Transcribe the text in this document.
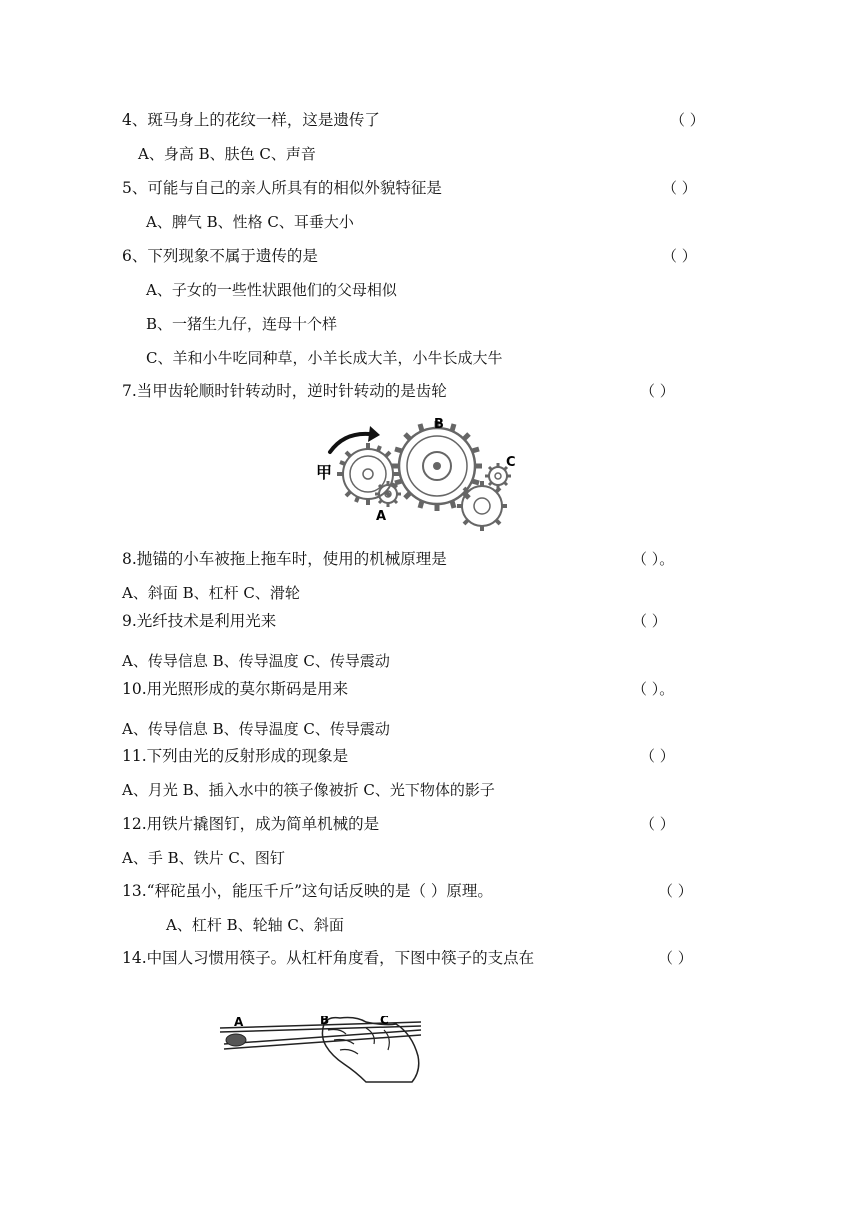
4、斑马身上的花纹一样，这是遗传了	（ ）
A、身高 B、肤色 C、声音
5、可能与自己的亲人所具有的相似外貌特征是	（ ）
A、脾气 B、性格 C、耳垂大小
6、下列现象不属于遗传的是	（ ）
A、子女的一些性状跟他们的父母相似
B、一猪生九仔，连母十个样
C、羊和小牛吃同种草，小羊长成大羊，小牛长成大牛
7.当甲齿轮顺时针转动时，逆时针转动的是齿轮	（ ）
甲
A
B
C
8.抛锚的小车被拖上拖车时，使用的机械原理是	（ ）。
A、斜面 B、杠杆 C、滑轮
9.光纤技术是利用光来	（ ）
A、传导信息 B、传导温度 C、传导震动
10.用光照形成的莫尔斯码是用来	（ ）。
A、传导信息 B、传导温度 C、传导震动
11.下列由光的反射形成的现象是	（ ）
A、月光 B、插入水中的筷子像被折 C、光下物体的影子
12.用铁片撬图钉，成为简单机械的是	（ ）
A、手 B、铁片 C、图钉
13.“秤砣虽小，能压千斤”这句话反映的是（ ）原理。	（ ）
A、杠杆 B、轮轴 C、斜面
14.中国人习惯用筷子。从杠杆角度看，下图中筷子的支点在	（ ）
A	B	C
